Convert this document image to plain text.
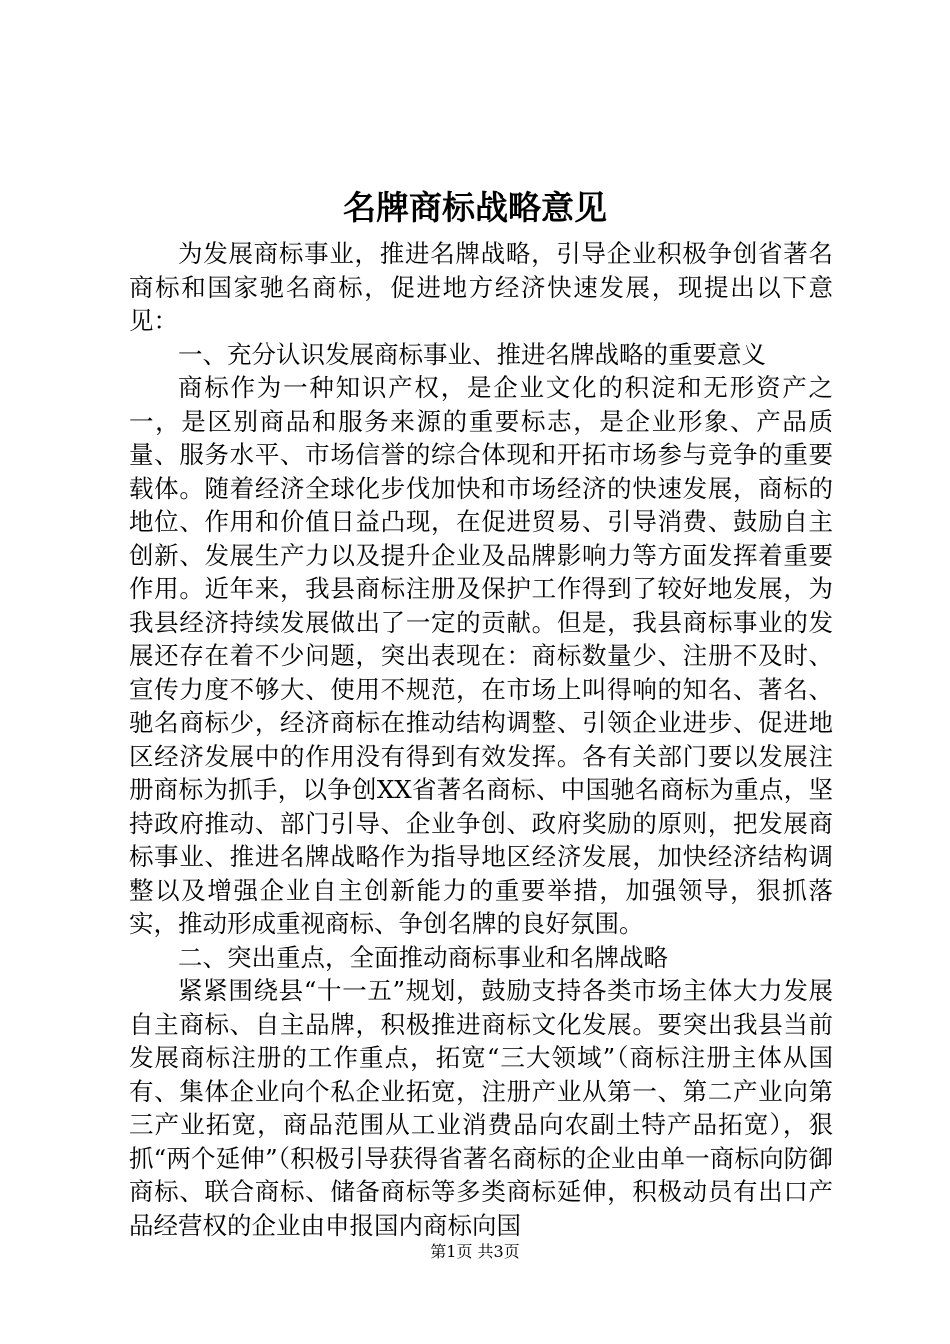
名牌商标战略意见

为发展商标事业，推进名牌战略，引导企业积极争创省著名商标和国家驰名商标，促进地方经济快速发展，现提出以下意见：

一、充分认识发展商标事业、推进名牌战略的重要意义

商标作为一种知识产权，是企业文化的积淀和无形资产之一，是区别商品和服务来源的重要标志，是企业形象、产品质量、服务水平、市场信誉的综合体现和开拓市场参与竞争的重要载体。随着经济全球化步伐加快和市场经济的快速发展，商标的地位、作用和价值日益凸现，在促进贸易、引导消费、鼓励自主创新、发展生产力以及提升企业及品牌影响力等方面发挥着重要作用。近年来，我县商标注册及保护工作得到了较好地发展，为我县经济持续发展做出了一定的贡献。但是，我县商标事业的发展还存在着不少问题，突出表现在：商标数量少、注册不及时、宣传力度不够大、使用不规范，在市场上叫得响的知名、著名、驰名商标少，经济商标在推动结构调整、引领企业进步、促进地区经济发展中的作用没有得到有效发挥。各有关部门要以发展注册商标为抓手，以争创XX省著名商标、中国驰名商标为重点，坚持政府推动、部门引导、企业争创、政府奖励的原则，把发展商标事业、推进名牌战略作为指导地区经济发展，加快经济结构调整以及增强企业自主创新能力的重要举措，加强领导，狠抓落实，推动形成重视商标、争创名牌的良好氛围。

二、突出重点，全面推动商标事业和名牌战略

紧紧围绕县“十一五”规划，鼓励支持各类市场主体大力发展自主商标、自主品牌，积极推进商标文化发展。要突出我县当前发展商标注册的工作重点，拓宽“三大领域”（商标注册主体从国有、集体企业向个私企业拓宽，注册产业从第一、第二产业向第三产业拓宽，商品范围从工业消费品向农副土特产品拓宽），狠抓“两个延伸”（积极引导获得省著名商标的企业由单一商标向防御商标、联合商标、储备商标等多类商标延伸，积极动员有出口产品经营权的企业由申报国内商标向国

第1页 共3页
